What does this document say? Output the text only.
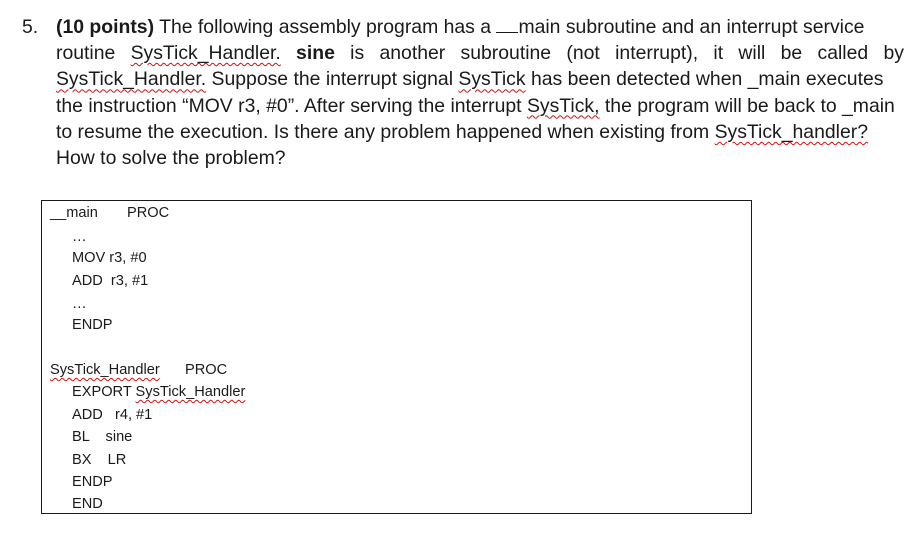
5. (10 points) The following assembly program has a main subroutine and an interrupt service
routine SysTick_Handler. sine is another subroutine (not interrupt), it will be called by
SysTick_Handler. Suppose the interrupt signal SysTick has been detected when _main executes
the instruction “MOV r3, #0”. After serving the interrupt SysTick, the program will be back to _main
to resume the execution. Is there any problem happened when existing from SysTick_handler?
How to solve the problem?
__main PROC
…
MOV r3, #0
ADD  r3, #1
…
ENDP
SysTick_Handler PROC
EXPORT SysTick_Handler
ADD   r4, #1
BL    sine
BX    LR
ENDP
END
